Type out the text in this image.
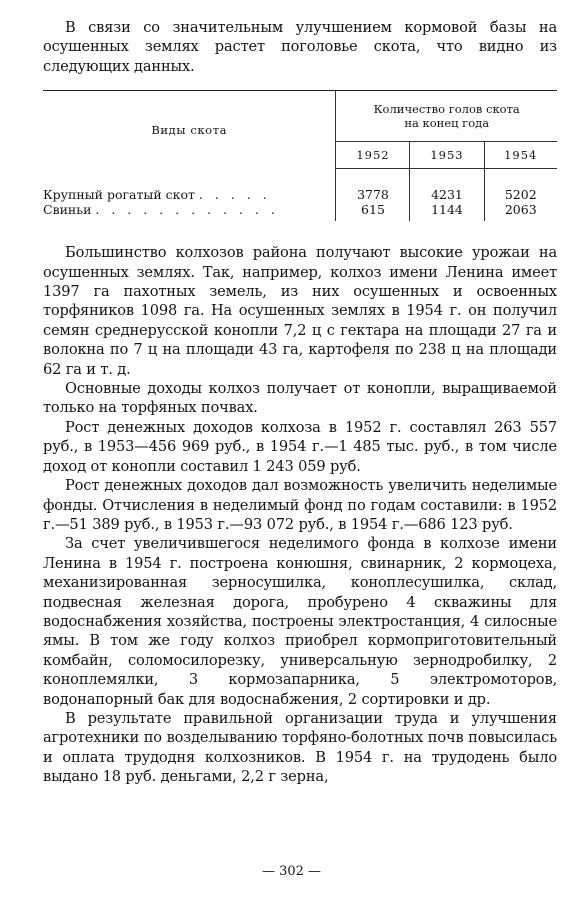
В связи со значительным улучшением кормовой базы на осушенных землях растет поголовье скота, что видно из следующих данных.

Виды скота	Количество голов скота
на конец года		
	1952	1953	1954
Крупный рогатый скот . . . . .	3778	4231	5202
Свиньи . . . . . . . . . . . .	615	1144	2063

Большинство колхозов района получают высокие урожаи на осушенных землях. Так, например, колхоз имени Ленина имеет 1397 га пахотных земель, из них осушенных и освоенных торфяников 1098 га. На осушенных землях в 1954 г. он получил семян среднерусской конопли 7,2 ц с гектара на площади 27 га и волокна по 7 ц на площади 43 га, картофеля по 238 ц на площади 62 га и т. д.

Основные доходы колхоз получает от конопли, выращиваемой только на торфяных почвах.

Рост денежных доходов колхоза в 1952 г. составлял 263 557 руб., в 1953—456 969 руб., в 1954 г.—1 485 тыс. руб., в том числе доход от конопли составил 1 243 059 руб.

Рост денежных доходов дал возможность увеличить неделимые фонды. Отчисления в неделимый фонд по годам составили: в 1952 г.—51 389 руб., в 1953 г.—93 072 руб., в 1954 г.—686 123 руб.

За счет увеличившегося неделимого фонда в колхозе имени Ленина в 1954 г. построена конюшня, свинарник, 2 кормоцеха, механизированная зерносушилка, коноплесушилка, склад, подвесная железная дорога, пробурено 4 скважины для водоснабжения хозяйства, построены электростанция, 4 силосные ямы. В том же году колхоз приобрел кормоприготовительный комбайн, соломосилорезку, универсальную зернодробилку, 2 коноплемялки, 3 кормозапарника, 5 электромоторов, водонапорный бак для водоснабжения, 2 сортировки и др.

В результате правильной организации труда и улучшения агротехники по возделыванию торфяно-болотных почв повысилась и оплата трудодня колхозников. В 1954 г. на трудодень было выдано 18 руб. деньгами, 2,2 г зерна,

— 302 —
